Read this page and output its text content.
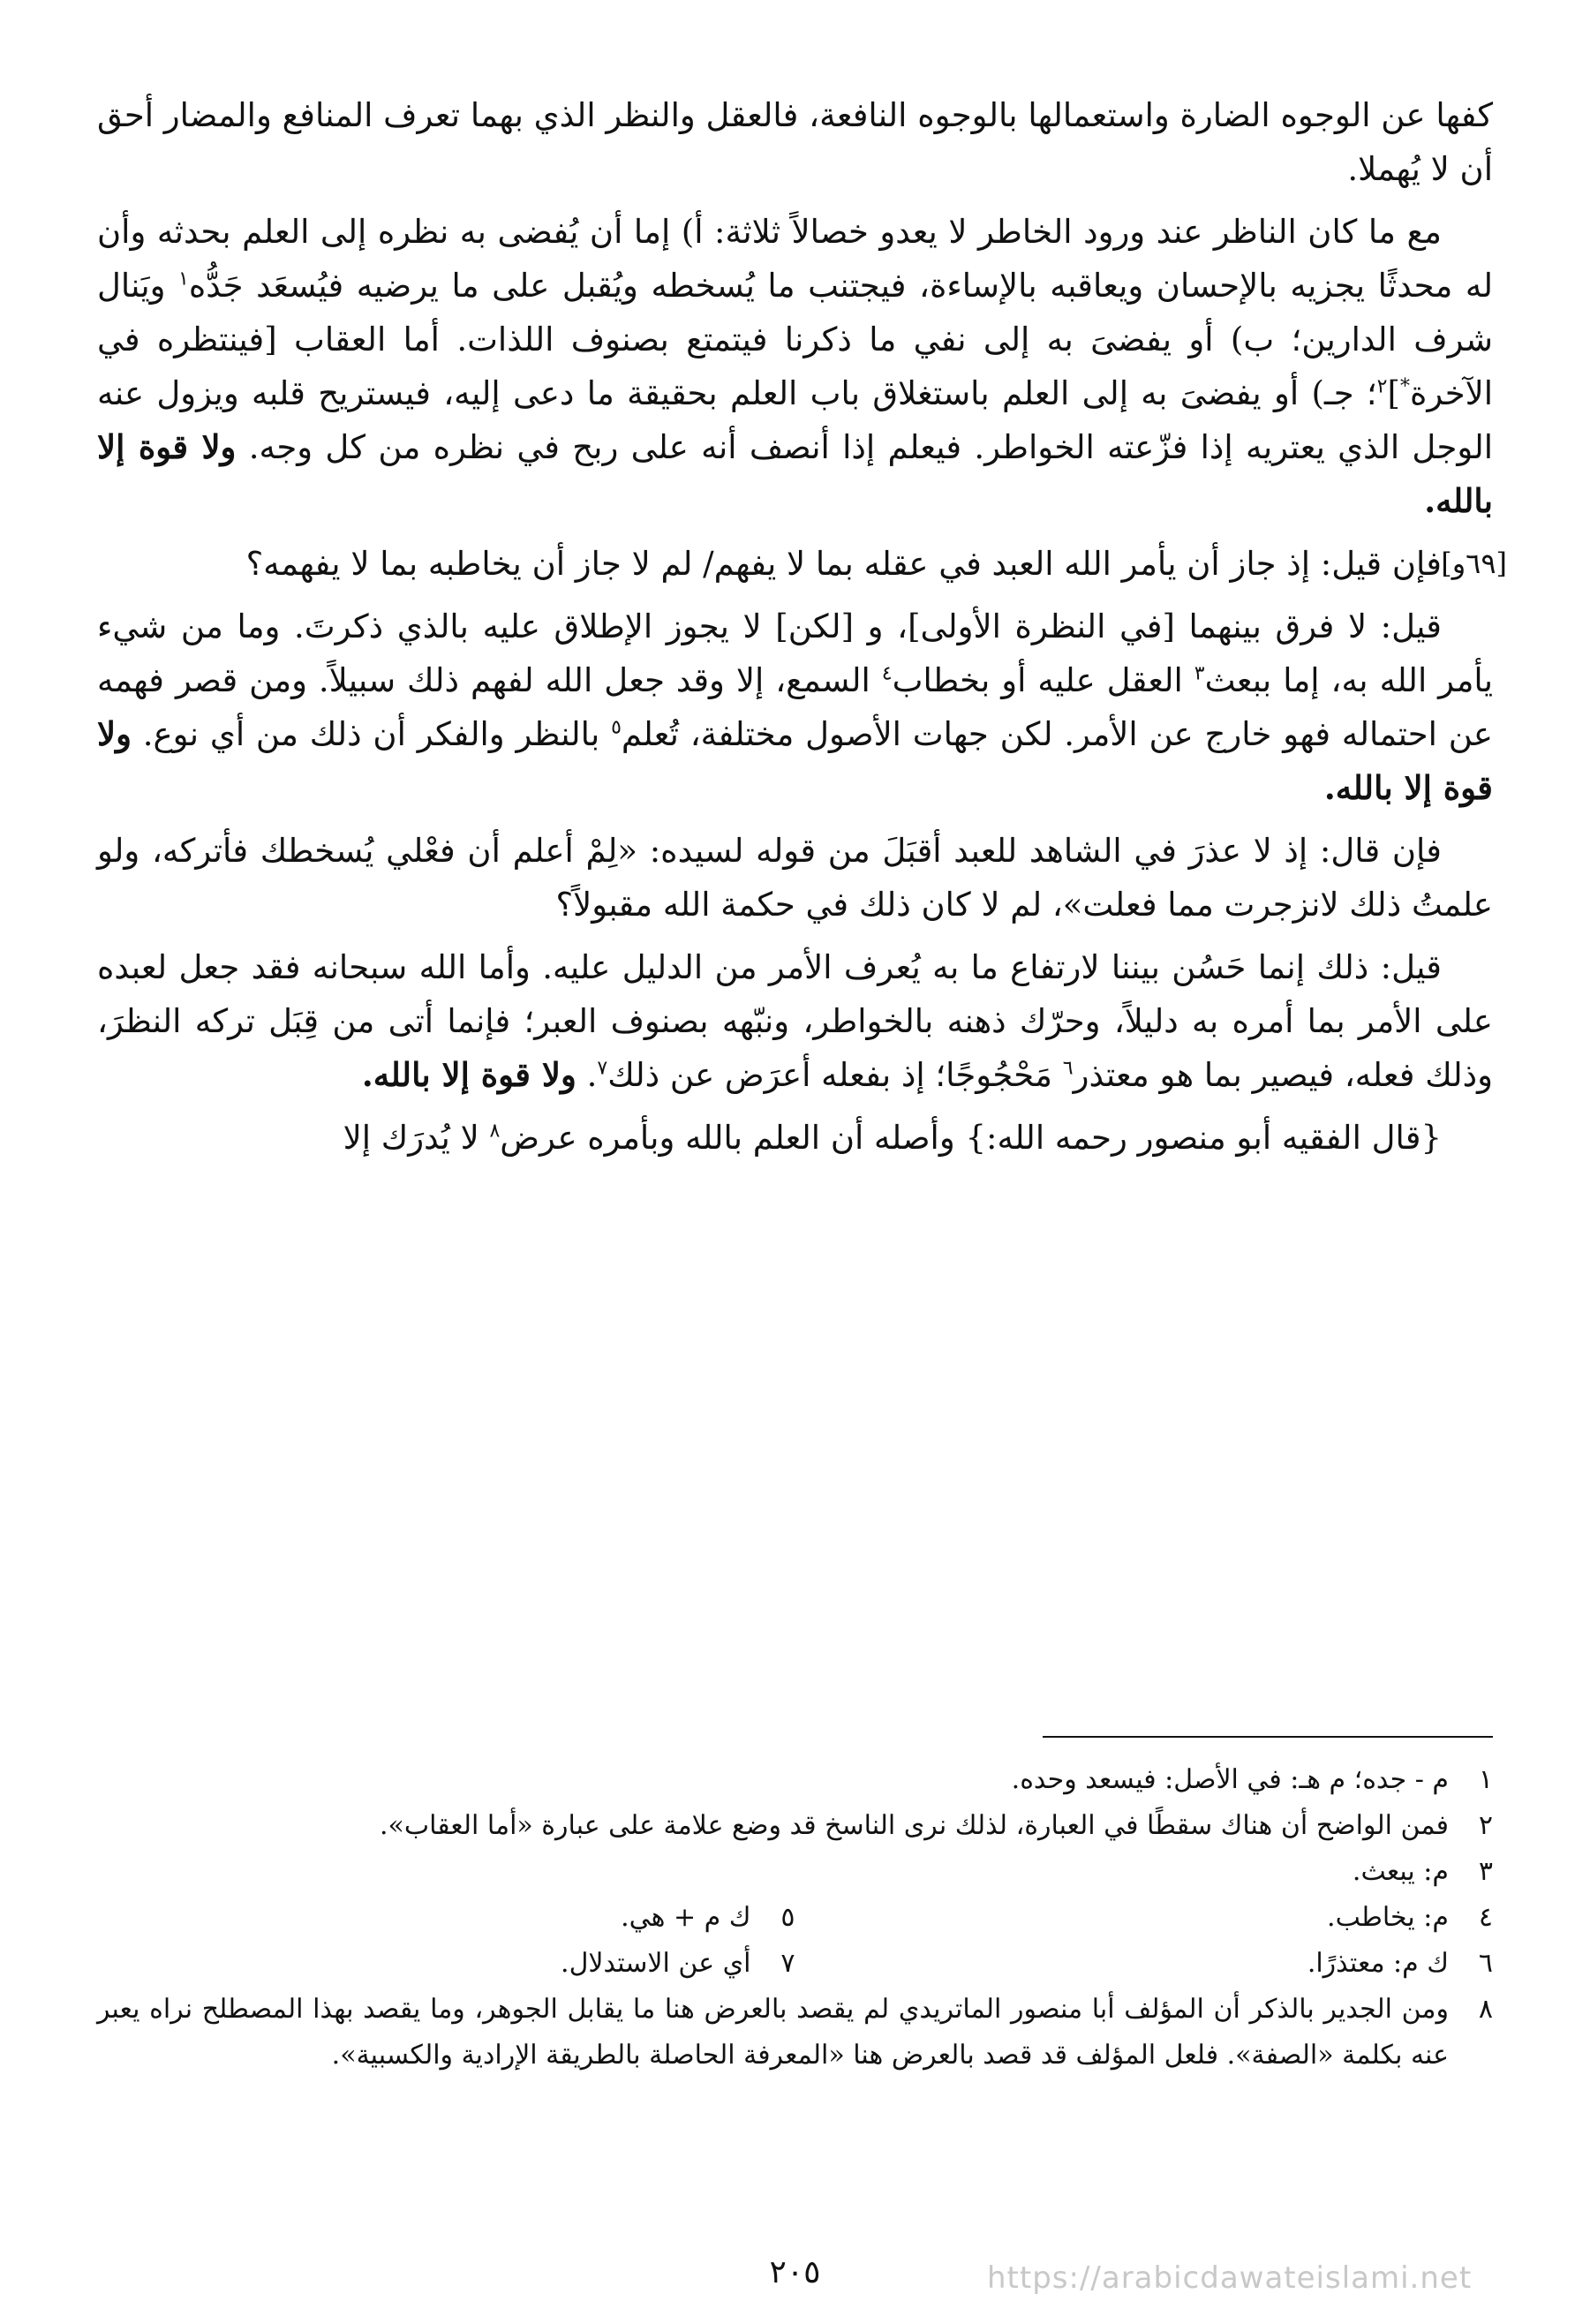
كفها عن الوجوه الضارة واستعمالها بالوجوه النافعة، فالعقل والنظر الذي بهما تعرف المنافع والمضار أحق أن لا يُهملا.

مع ما كان الناظر عند ورود الخاطر لا يعدو خصالاً ثلاثة: أ) إما أن يُفضى به نظره إلى العلم بحدثه وأن له محدثًا يجزيه بالإحسان ويعاقبه بالإساءة، فيجتنب ما يُسخطه ويُقبل على ما يرضيه فيُسعَد جَدُّه$^١$ ويَنال شرف الدارين؛ ب) أو يفضىَ به إلى نفي ما ذكرنا فيتمتع بصنوف اللذات. أما العقاب [فينتظره في الآخرة*]$^٢$؛ جـ) أو يفضىَ به إلى العلم باستغلاق باب العلم بحقيقة ما دعى إليه، فيستريح قلبه ويزول عنه الوجل الذي يعتريه إذا فزّعته الخواطر. فيعلم إذا أنصف أنه على ربح في نظره من كل وجه. ولا قوة إلا بالله.

[٦٩و]
فإن قيل: إذ جاز أن يأمر الله العبد في عقله بما لا يفهم/ لم لا جاز أن يخاطبه بما لا يفهمه؟

قيل: لا فرق بينهما [في النظرة الأولى]، و [لكن] لا يجوز الإطلاق عليه بالذي ذكرتَ. وما من شيء يأمر الله به، إما ببعث$^٣$ العقل عليه أو بخطاب$^٤$ السمع، إلا وقد جعل الله لفهم ذلك سبيلاً. ومن قصر فهمه عن احتماله فهو خارج عن الأمر. لكن جهات الأصول مختلفة، تُعلم$^٥$ بالنظر والفكر أن ذلك من أي نوع. ولا قوة إلا بالله.

فإن قال: إذ لا عذرَ في الشاهد للعبد أقبَلَ من قوله لسيده: «لِمْ أعلم أن فعْلي يُسخطك فأتركه، ولو علمتُ ذلك لانزجرت مما فعلت»، لم لا كان ذلك في حكمة الله مقبولاً؟

قيل: ذلك إنما حَسُن بيننا لارتفاع ما به يُعرف الأمر من الدليل عليه. وأما الله سبحانه فقد جعل لعبده على الأمر بما أمره به دليلاً، وحرّك ذهنه بالخواطر، ونبّهه بصنوف العبر؛ فإنما أتى من قِبَل تركه النظرَ، وذلك فعله، فيصير بما هو معتذر$^٦$ مَحْجُوجًا؛ إذ بفعله أعرَض عن ذلك$^٧$. ولا قوة إلا بالله.

{قال الفقيه أبو منصور رحمه الله:} وأصله أن العلم بالله وبأمره عرض$^٨$ لا يُدرَك إلا

١
م - جده؛ م هـ: في الأصل: فيسعد وحده.

٢
فمن الواضح أن هناك سقطًا في العبارة، لذلك نرى الناسخ قد وضع علامة على عبارة «أما العقاب».

٣
م: يبعث.

٤
م: يخاطب.
٥
ك م + هي.
٦
ك م: معتذرًا.
٧
أي عن الاستدلال.

٨
ومن الجدير بالذكر أن المؤلف أبا منصور الماتريدي لم يقصد بالعرض هنا ما يقابل الجوهر، وما يقصد بهذا المصطلح نراه يعبر عنه بكلمة «الصفة». فلعل المؤلف قد قصد بالعرض هنا «المعرفة الحاصلة بالطريقة الإرادية والكسبية».

٢٠٥	https://arabicdawateislami.net
